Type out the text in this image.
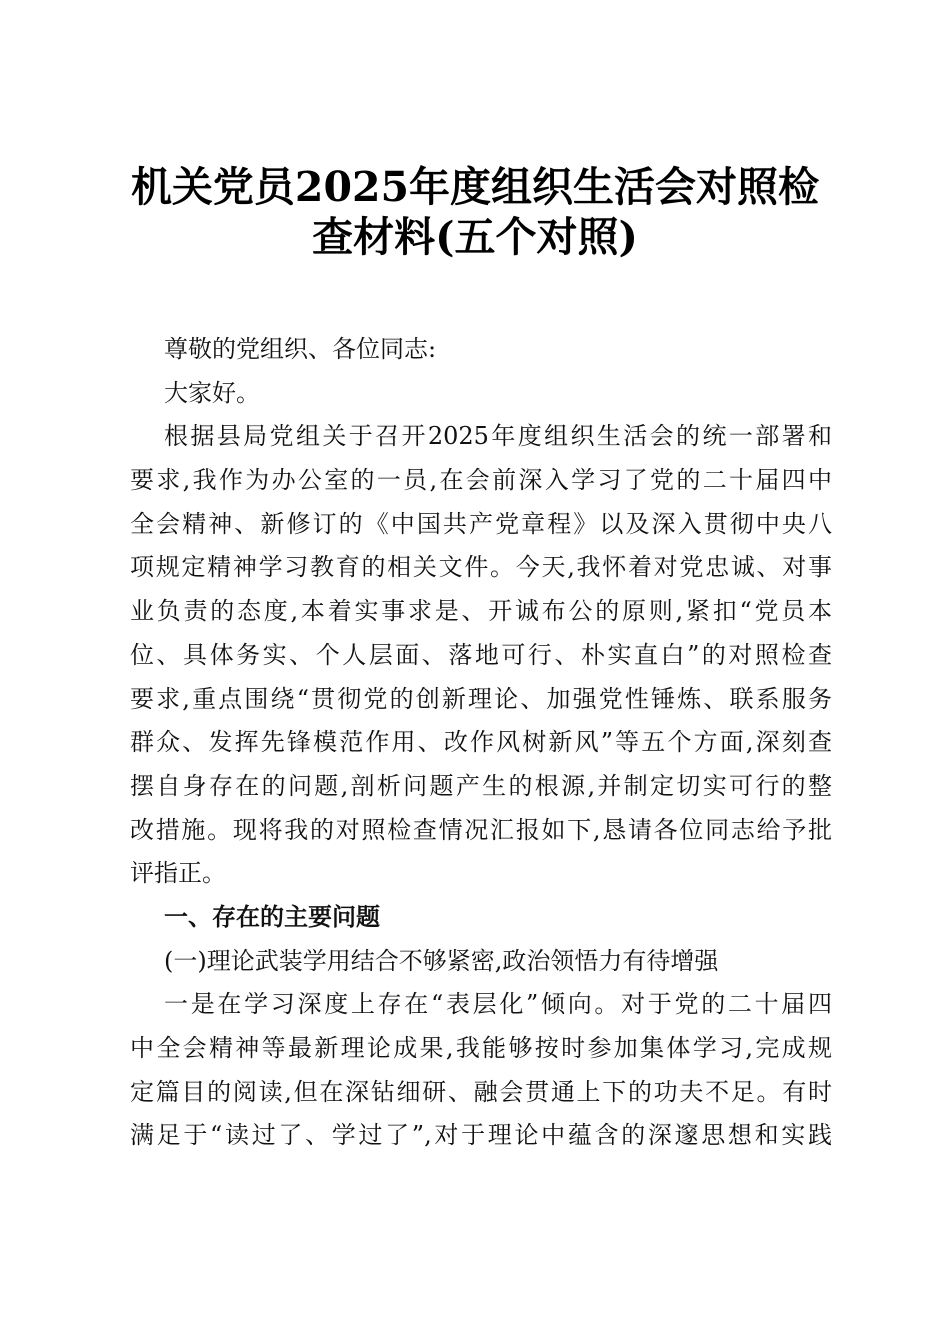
机关党员2025年度组织生活会对照检
查材料(五个对照)
尊敬的党组织、各位同志:
大家好。
根据县局党组关于召开2025年度组织生活会的统一部署和
要求,我作为办公室的一员,在会前深入学习了党的二十届四中
全会精神、新修订的《中国共产党章程》以及深入贯彻中央八
项规定精神学习教育的相关文件。今天,我怀着对党忠诚、对事
业负责的态度,本着实事求是、开诚布公的原则,紧扣“党员本
位、具体务实、个人层面、落地可行、朴实直白”的对照检查
要求,重点围绕“贯彻党的创新理论、加强党性锤炼、联系服务
群众、发挥先锋模范作用、改作风树新风”等五个方面,深刻查
摆自身存在的问题,剖析问题产生的根源,并制定切实可行的整
改措施。现将我的对照检查情况汇报如下,恳请各位同志给予批
评指正。
一、存在的主要问题
(一)理论武装学用结合不够紧密,政治领悟力有待增强
一是在学习深度上存在“表层化”倾向。对于党的二十届四
中全会精神等最新理论成果,我能够按时参加集体学习,完成规
定篇目的阅读,但在深钻细研、融会贯通上下的功夫不足。有时
满足于“读过了、学过了”,对于理论中蕴含的深邃思想和实践
